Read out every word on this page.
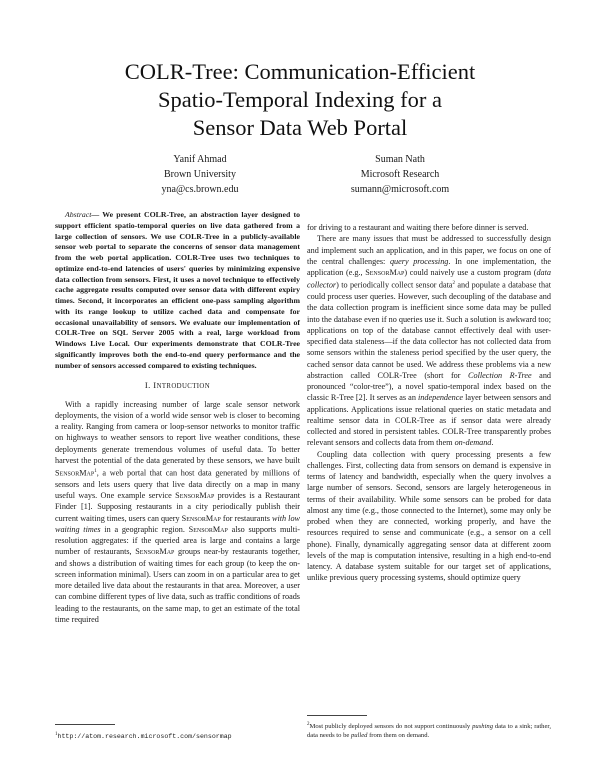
COLR-Tree: Communication-Efficient
Spatio-Temporal Indexing for a
Sensor Data Web Portal
Yanif Ahmad
Brown University
yna@cs.brown.edu
Suman Nath
Microsoft Research
sumann@microsoft.com

Abstract— We present COLR-Tree, an abstraction layer designed to support efficient spatio-temporal queries on live data gathered from a large collection of sensors. We use COLR-Tree in a publicly-available sensor web portal to separate the concerns of sensor data management from the web portal application. COLR-Tree uses two techniques to optimize end-to-end latencies of users' queries by minimizing expensive data collection from sensors. First, it uses a novel technique to effectively cache aggregate results computed over sensor data with different expiry times. Second, it incorporates an efficient one-pass sampling algorithm with its range lookup to utilize cached data and compensate for occasional unavailability of sensors. We evaluate our implementation of COLR-Tree on SQL Server 2005 with a real, large workload from Windows Live Local. Our experiments demonstrate that COLR-Tree significantly improves both the end-to-end query performance and the number of sensors accessed compared to existing techniques.

I. INTRODUCTION

With a rapidly increasing number of large scale sensor network deployments, the vision of a world wide sensor web is closer to becoming a reality. Ranging from camera or loop-sensor networks to monitor traffic on highways to weather sensors to report live weather conditions, these deployments generate tremendous volumes of useful data. To better harvest the potential of the data generated by these sensors, we have built SensorMap$^1$, a web portal that can host data generated by millions of sensors and lets users query that live data directly on a map in many useful ways. One example service SensorMap provides is a Restaurant Finder [1]. Supposing restaurants in a city periodically publish their current waiting times, users can query SensorMap for restaurants with low waiting times in a geographic region. SensorMap also supports multi-resolution aggregates: if the queried area is large and contains a large number of restaurants, SensorMap groups near-by restaurants together, and shows a distribution of waiting times for each group (to keep the on-screen information minimal). Users can zoom in on a particular area to get more detailed live data about the restaurants in that area. Moreover, a user can combine different types of live data, such as traffic conditions of roads leading to the restaurants, on the same map, to get an estimate of the total time required

for driving to a restaurant and waiting there before dinner is served.

There are many issues that must be addressed to successfully design and implement such an application, and in this paper, we focus on one of the central challenges: query processing. In one implementation, the application (e.g., SensorMap) could naively use a custom program (data collector) to periodically collect sensor data$^2$ and populate a database that could process user queries. However, such decoupling of the database and the data collection program is inefficient since some data may be pulled into the database even if no queries use it. Such a solution is awkward too; applications on top of the database cannot effectively deal with user-specified data staleness—if the data collector has not collected data from some sensors within the staleness period specified by the user query, the cached sensor data cannot be used. We address these problems via a new abstraction called COLR-Tree (short for Collection R-Tree and pronounced “color-tree”), a novel spatio-temporal index based on the classic R-Tree [2]. It serves as an independence layer between sensors and applications. Applications issue relational queries on static metadata and realtime sensor data in COLR-Tree as if sensor data were already collected and stored in persistent tables. COLR-Tree transparently probes relevant sensors and collects data from them on-demand.

Coupling data collection with query processing presents a few challenges. First, collecting data from sensors on demand is expensive in terms of latency and bandwidth, especially when the query involves a large number of sensors. Second, sensors are largely heterogeneous in terms of their availability. While some sensors can be probed for data almost any time (e.g., those connected to the Internet), some may only be probed when they are connected, working properly, and have the resources required to sense and communicate (e.g., a sensor on a cell phone). Finally, dynamically aggregating sensor data at different zoom levels of the map is computation intensive, resulting in a high end-to-end latency. A database system suitable for our target set of applications, unlike previous query processing systems, should optimize query

$^1$http://atom.research.microsoft.com/sensormap
$^2$Most publicly deployed sensors do not support continuously pushing data to a sink; rather, data needs to be pulled from them on demand.
